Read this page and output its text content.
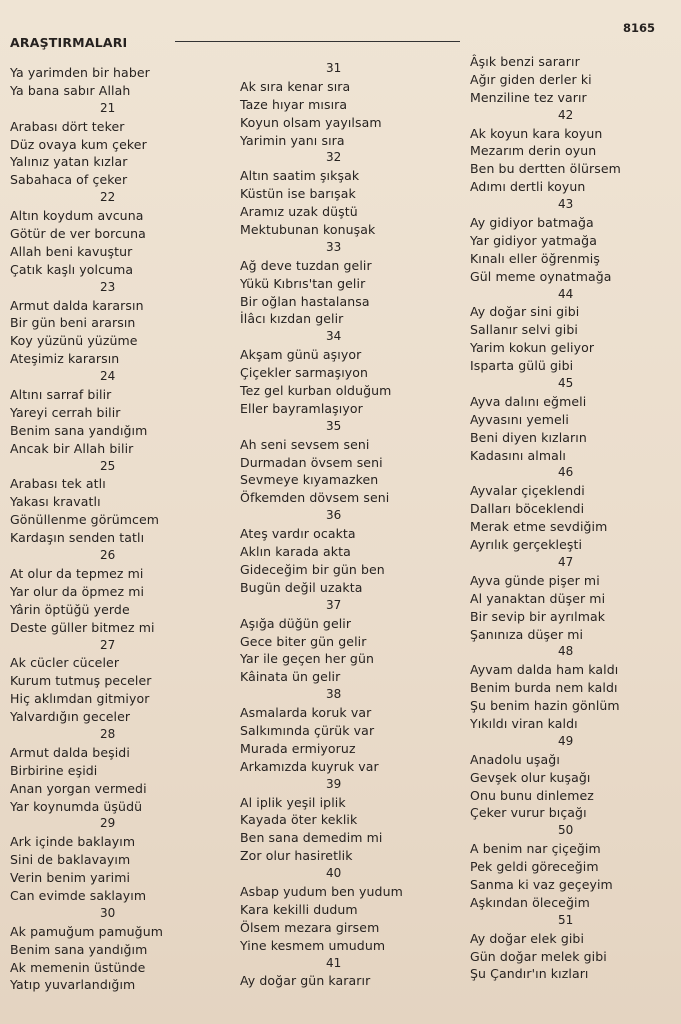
ARAŞTIRMALARI
8165
Ya yarimden bir haber
Ya bana sabır Allah
21
Arabası dört teker
Düz ovaya kum çeker
Yalınız yatan kızlar
Sabahaca of çeker
22
Altın koydum avcuna
Götür de ver borcuna
Allah beni kavuştur
Çatık kaşlı yolcuma
23
Armut dalda kararsın
Bir gün beni ararsın
Koy yüzünü yüzüme
Ateşimiz kararsın
24
Altını sarraf bilir
Yareyi cerrah bilir
Benim sana yandığım
Ancak bir Allah bilir
25
Arabası tek atlı
Yakası kravatlı
Gönüllenme görümcem
Kardaşın senden tatlı
26
At olur da tepmez mi
Yar olur da öpmez mi
Yârin öptüğü yerde
Deste güller bitmez mi
27
Ak cücler cüceler
Kurum tutmuş peceler
Hiç aklımdan gitmiyor
Yalvardığın geceler
28
Armut dalda beşidi
Birbirine eşidi
Anan yorgan vermedi
Yar koynumda üşüdü
29
Ark içinde baklayım
Sini de baklavayım
Verin benim yarimi
Can evimde saklayım
30
Ak pamuğum pamuğum
Benim sana yandığım
Ak memenin üstünde
Yatıp yuvarlandığım
31
Ak sıra kenar sıra
Taze hıyar mısıra
Koyun olsam yayılsam
Yarimin yanı sıra
32
Altın saatim şıkşak
Küstün ise barışak
Aramız uzak düştü
Mektubunan konuşak
33
Ağ deve tuzdan gelir
Yükü Kıbrıs'tan gelir
Bir oğlan hastalansa
İlâcı kızdan gelir
34
Akşam günü aşıyor
Çiçekler sarmaşıyon
Tez gel kurban olduğum
Eller bayramlaşıyor
35
Ah seni sevsem seni
Durmadan övsem seni
Sevmeye kıyamazken
Öfkemden dövsem seni
36
Ateş vardır ocakta
Aklın karada akta
Gideceğim bir gün ben
Bugün değil uzakta
37
Aşığa düğün gelir
Gece biter gün gelir
Yar ile geçen her gün
Kâinata ün gelir
38
Asmalarda koruk var
Salkımında çürük var
Murada ermiyoruz
Arkamızda kuyruk var
39
Al iplik yeşil iplik
Kayada öter keklik
Ben sana demedim mi
Zor olur hasiretlik
40
Asbap yudum ben yudum
Kara kekilli dudum
Ölsem mezara girsem
Yine kesmem umudum
41
Ay doğar gün kararır
Âşık benzi sararır
Ağır giden derler ki
Menziline tez varır
42
Ak koyun kara koyun
Mezarım derin oyun
Ben bu dertten ölürsem
Adımı dertli koyun
43
Ay gidiyor batmağa
Yar gidiyor yatmağa
Kınalı eller öğrenmiş
Gül meme oynatmağa
44
Ay doğar sini gibi
Sallanır selvi gibi
Yarim kokun geliyor
Isparta gülü gibi
45
Ayva dalını eğmeli
Ayvasını yemeli
Beni diyen kızların
Kadasını almalı
46
Ayvalar çiçeklendi
Dalları böceklendi
Merak etme sevdiğim
Ayrılık gerçekleşti
47
Ayva günde pişer mi
Al yanaktan düşer mi
Bir sevip bir ayrılmak
Şanınıza düşer mi
48
Ayvam dalda ham kaldı
Benim burda nem kaldı
Şu benim hazin gönlüm
Yıkıldı viran kaldı
49
Anadolu uşağı
Gevşek olur kuşağı
Onu bunu dinlemez
Çeker vurur bıçağı
50
A benim nar çiçeğim
Pek geldi göreceğim
Sanma ki vaz geçeyim
Aşkından öleceğim
51
Ay doğar elek gibi
Gün doğar melek gibi
Şu Çandır'ın kızları
